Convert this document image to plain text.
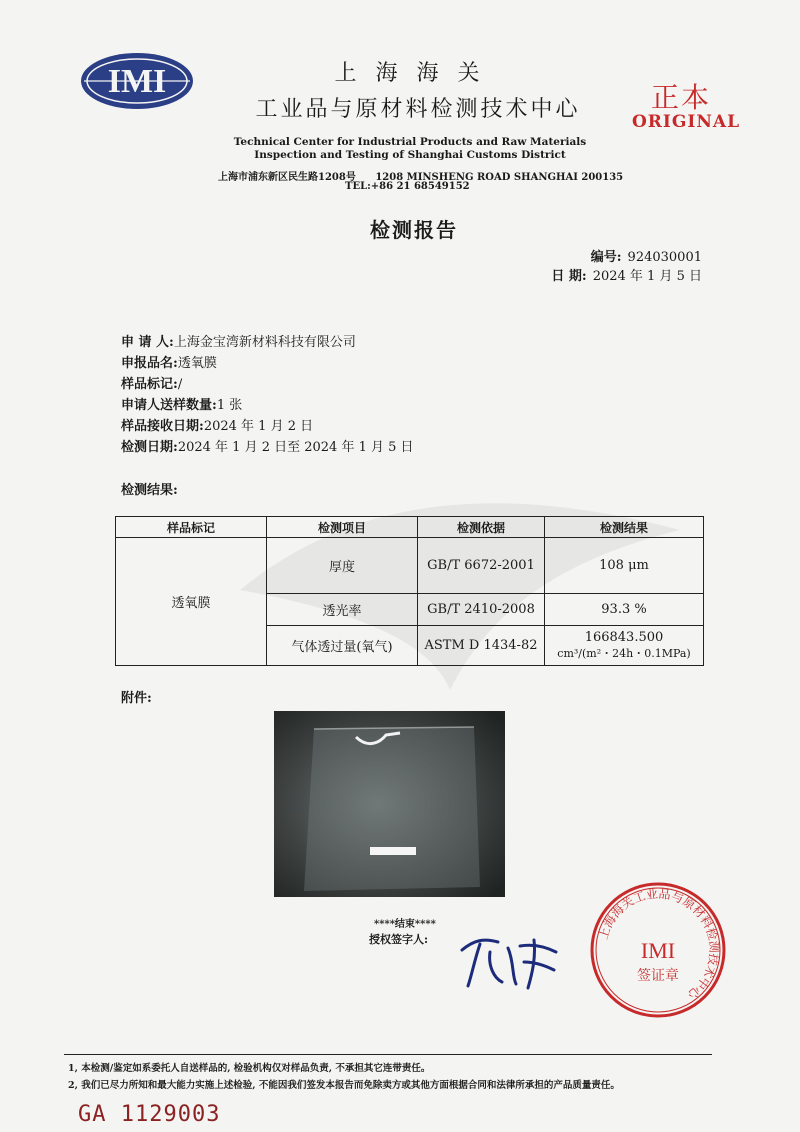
IMI	上 海 海 关
工业品与原材料检测技术中心
Technical Center for Industrial Products and Raw Materials Inspection and Testing of Shanghai Customs District
上海市浦东新区民生路1208号 1208 MINSHENG ROAD SHANGHAI 200135
TEL:+86 21 68549152
正本
ORIGINAL
检测报告
编号: 924030001
日 期: 2024 年 1 月 5 日
申 请 人:上海金宝湾新材料科技有限公司
申报品名:透氧膜
样品标记:/
申请人送样数量:1 张
样品接收日期:2024 年 1 月 2 日
检测日期:2024 年 1 月 2 日至 2024 年 1 月 5 日
检测结果:
样品标记	检测项目	检测依据	检测结果
透氧膜	厚度	GB/T 6672-2001	108 μm
	透光率	GB/T 2410-2008	93.3 %
	气体透过量(氧气)	ASTM D 1434-82	166843.500
cm³/(m²・24h・0.1MPa)
附件:
****结束****
授权签字人:	上海海关工业品与原材料检测技术中心
IMI
签证章
1, 本检测/鉴定如系委托人自送样品的, 检验机构仅对样品负责, 不承担其它连带责任。
2, 我们已尽力所知和最大能力实施上述检验, 不能因我们签发本报告而免除卖方或其他方面根据合同和法律所承担的产品质量责任。
GA 1129003
